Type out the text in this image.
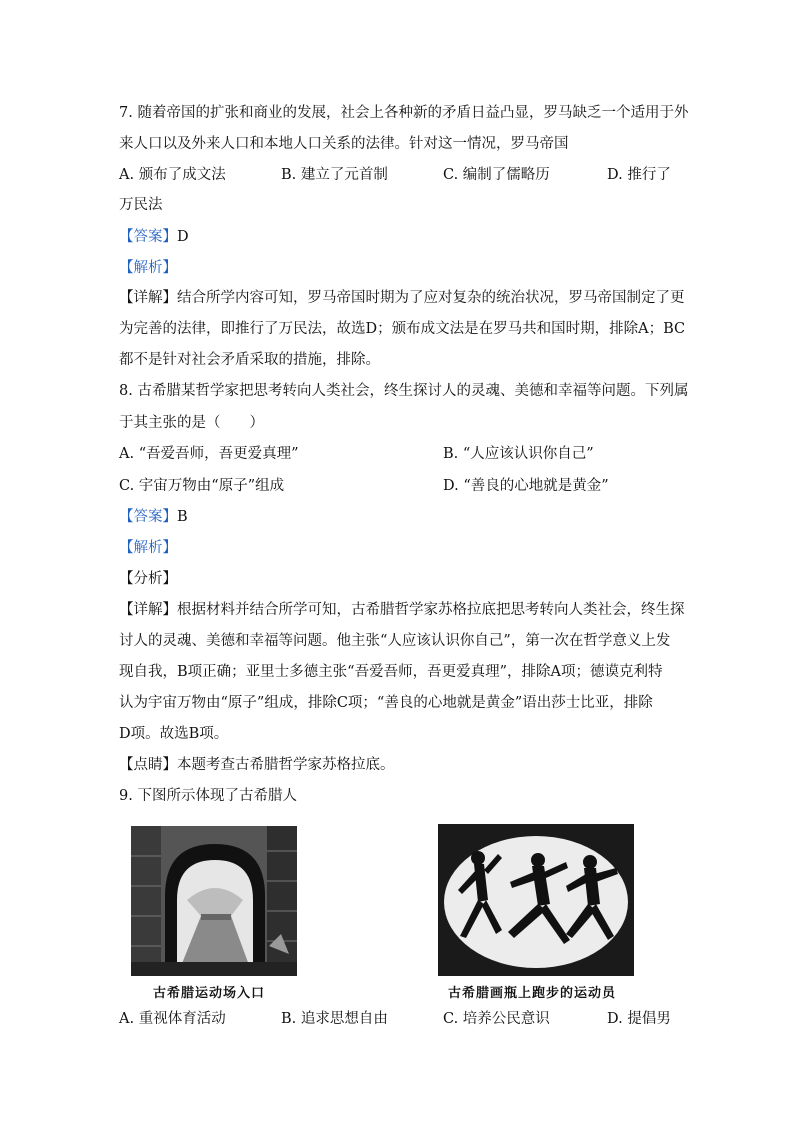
7. 随着帝国的扩张和商业的发展，社会上各种新的矛盾日益凸显，罗马缺乏一个适用于外
来人口以及外来人口和本地人口关系的法律。针对这一情况，罗马帝国
A. 颁布了成文法	B. 建立了元首制	C. 编制了儒略历	D. 推行了
万民法
【答案】D
【解析】
【详解】结合所学内容可知，罗马帝国时期为了应对复杂的统治状况，罗马帝国制定了更
为完善的法律，即推行了万民法，故选D；颁布成文法是在罗马共和国时期，排除A；BC
都不是针对社会矛盾采取的措施，排除。
8. 古希腊某哲学家把思考转向人类社会，终生探讨人的灵魂、美德和幸福等问题。下列属
于其主张的是（　　）
A. “吾爱吾师，吾更爱真理”	B. “人应该认识你自己”
C. 宇宙万物由“原子”组成	D. “善良的心地就是黄金”
【答案】B
【解析】
【分析】
【详解】根据材料并结合所学可知，古希腊哲学家苏格拉底把思考转向人类社会，终生探
讨人的灵魂、美德和幸福等问题。他主张“人应该认识你自己”，第一次在哲学意义上发
现自我，B项正确；亚里士多德主张“吾爱吾师，吾更爱真理”，排除A项；德谟克利特
认为宇宙万物由“原子”组成，排除C项；“善良的心地就是黄金”语出莎士比亚，排除
D项。故选B项。
【点睛】本题考查古希腊哲学家苏格拉底。
9. 下图所示体现了古希腊人
古希腊运动场入口	古希腊画瓶上跑步的运动员
A. 重视体育活动	B. 追求思想自由	C. 培养公民意识	D. 提倡男
